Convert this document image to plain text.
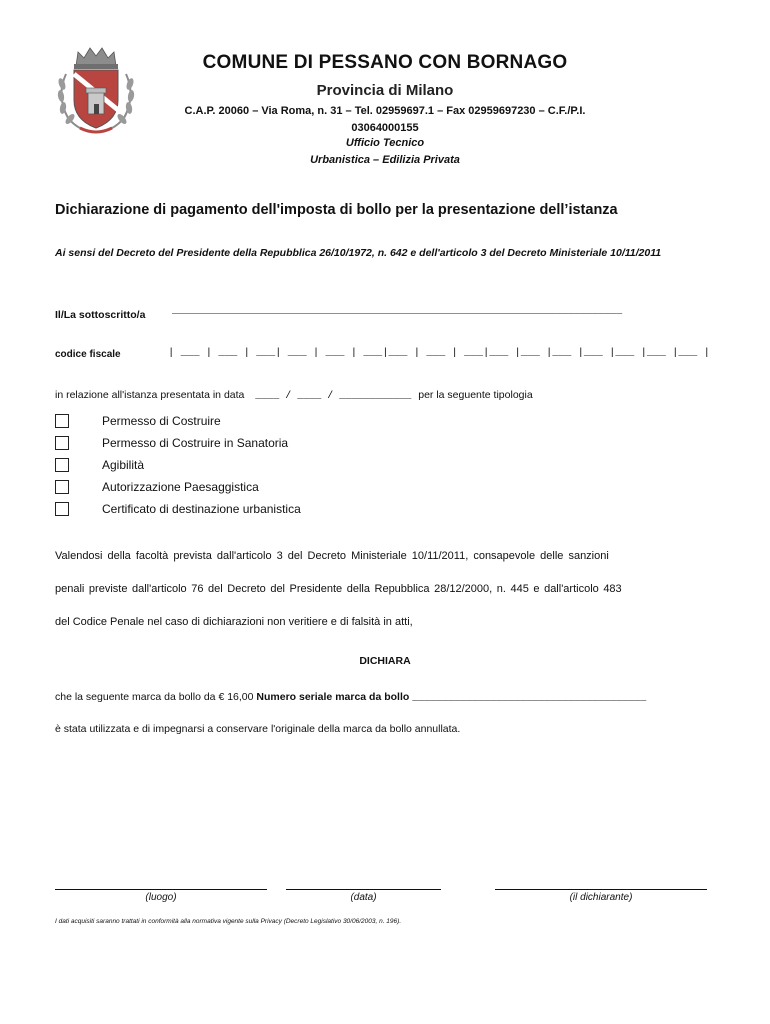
COMUNE DI PESSANO CON BORNAGO
Provincia di Milano
C.A.P. 20060 – Via Roma, n. 31 – Tel. 02959697.1 – Fax 02959697230 – C.F./P.I.
03064000155
Ufficio Tecnico
Urbanistica – Edilizia Privata
Dichiarazione di pagamento dell'imposta di bollo per la presentazione dell’istanza
Ai sensi del Decreto del Presidente della Repubblica 26/10/1972, n. 642 e dell'articolo 3 del Decreto Ministeriale 10/11/2011
Il/La sottoscritto/a	___________________________________________________________________________
codice fiscale	| ___ | ___ | ___| ___ | ___ | ___|___ | ___ | ___|___ |___ |___ |___ |___ |___ |___ |
in relazione all'istanza presentata in data ____ / ____ / ____________ per la seguente tipologia
Permesso di Costruire
Permesso di Costruire in Sanatoria
Agibilità
Autorizzazione Paesaggistica
Certificato di destinazione urbanistica
Valendosi della facoltà prevista dall'articolo 3 del Decreto Ministeriale 10/11/2011, consapevole delle sanzioni
penali previste dall'articolo 76 del Decreto del Presidente della Repubblica 28/12/2000, n. 445 e dall'articolo 483
del Codice Penale nel caso di dichiarazioni non veritiere e di falsità in atti,
DICHIARA
che la seguente marca da bollo da € 16,00 Numero seriale marca da bollo _______________________________________
è stata utilizzata e di impegnarsi a conservare l'originale della marca da bollo annullata.
(luogo)	(data)	(il dichiarante)
I dati acquisiti saranno trattati in conformità alla normativa vigente sulla Privacy (Decreto Legislativo 30/06/2003, n. 196).
